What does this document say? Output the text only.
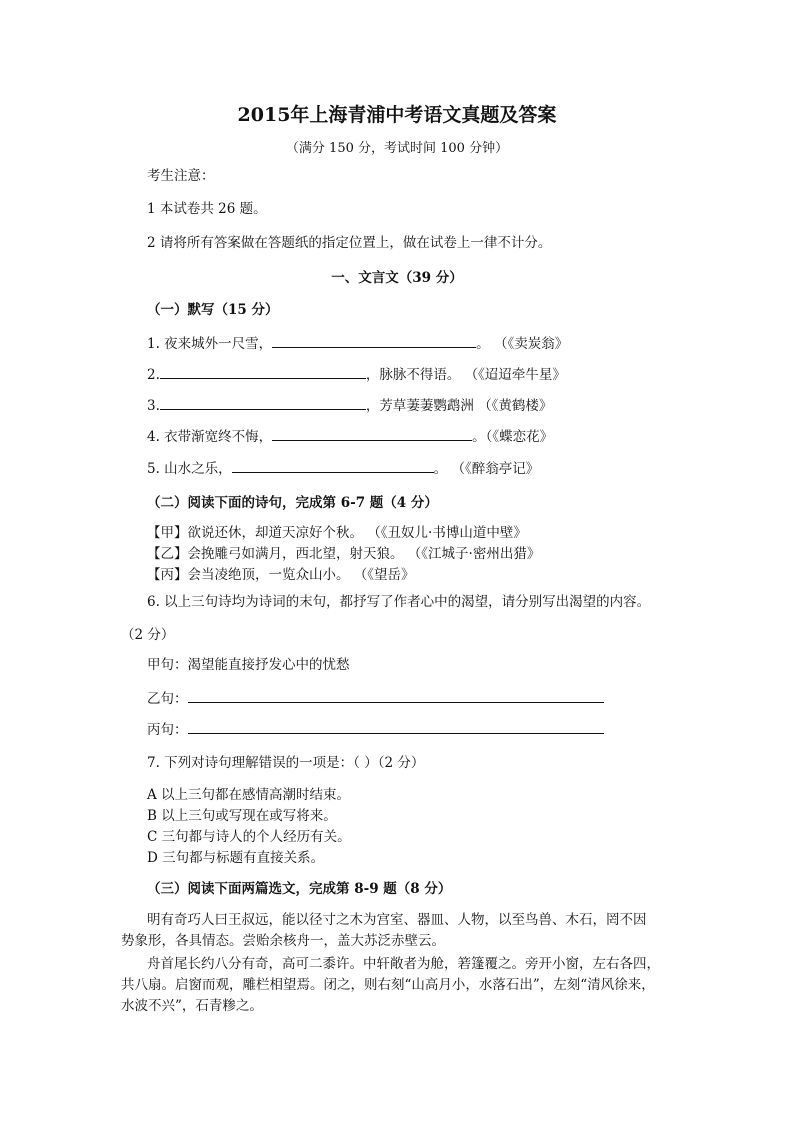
2015年上海青浦中考语文真题及答案
（满分 150 分，考试时间 100 分钟）
考生注意：
1 本试卷共 26 题。
2 请将所有答案做在答题纸的指定位置上，做在试卷上一律不计分。
一、文言文（39 分）
（一）默写（15 分）
1. 夜来城外一尺雪，	。 （《卖炭翁》
2.	，脉脉不得语。 （《迢迢牵牛星》
3.	，芳草萋萋鹦鹉洲 （《黄鹤楼》
4. 衣带渐宽终不悔，	。（《蝶恋花》
5. 山水之乐，	。 （《醉翁亭记》
（二）阅读下面的诗句，完成第 6-7 题（4 分）
【甲】欲说还休，却道天凉好个秋。 （《丑奴儿·书博山道中壁》
【乙】会挽雕弓如满月，西北望，射天狼。 （《江城子·密州出猎》
【丙】会当凌绝顶，一览众山小。 （《望岳》
6. 以上三句诗均为诗词的末句，都抒写了作者心中的渴望，请分别写出渴望的内容。
（2 分）
甲句：渴望能直接抒发心中的忧愁
乙句：
丙句：
7. 下列对诗句理解错误的一项是：（ ）（2 分）
A 以上三句都在感情高潮时结束。
B 以上三句或写现在或写将来。
C 三句都与诗人的个人经历有关。
D 三句都与标题有直接关系。
（三）阅读下面两篇选文，完成第 8-9 题（8 分）
明有奇巧人曰王叔远，能以径寸之木为宫室、器皿、人物，以至鸟兽、木石，罔不因
势象形，各具情态。尝贻余核舟一，盖大苏泛赤壁云。
舟首尾长约八分有奇，高可二黍许。中轩敞者为舱，箬篷覆之。旁开小窗，左右各四，
共八扇。启窗而观，雕栏相望焉。闭之，则右刻“山高月小，水落石出”，左刻“清风徐来，
水波不兴”，石青糁之。
